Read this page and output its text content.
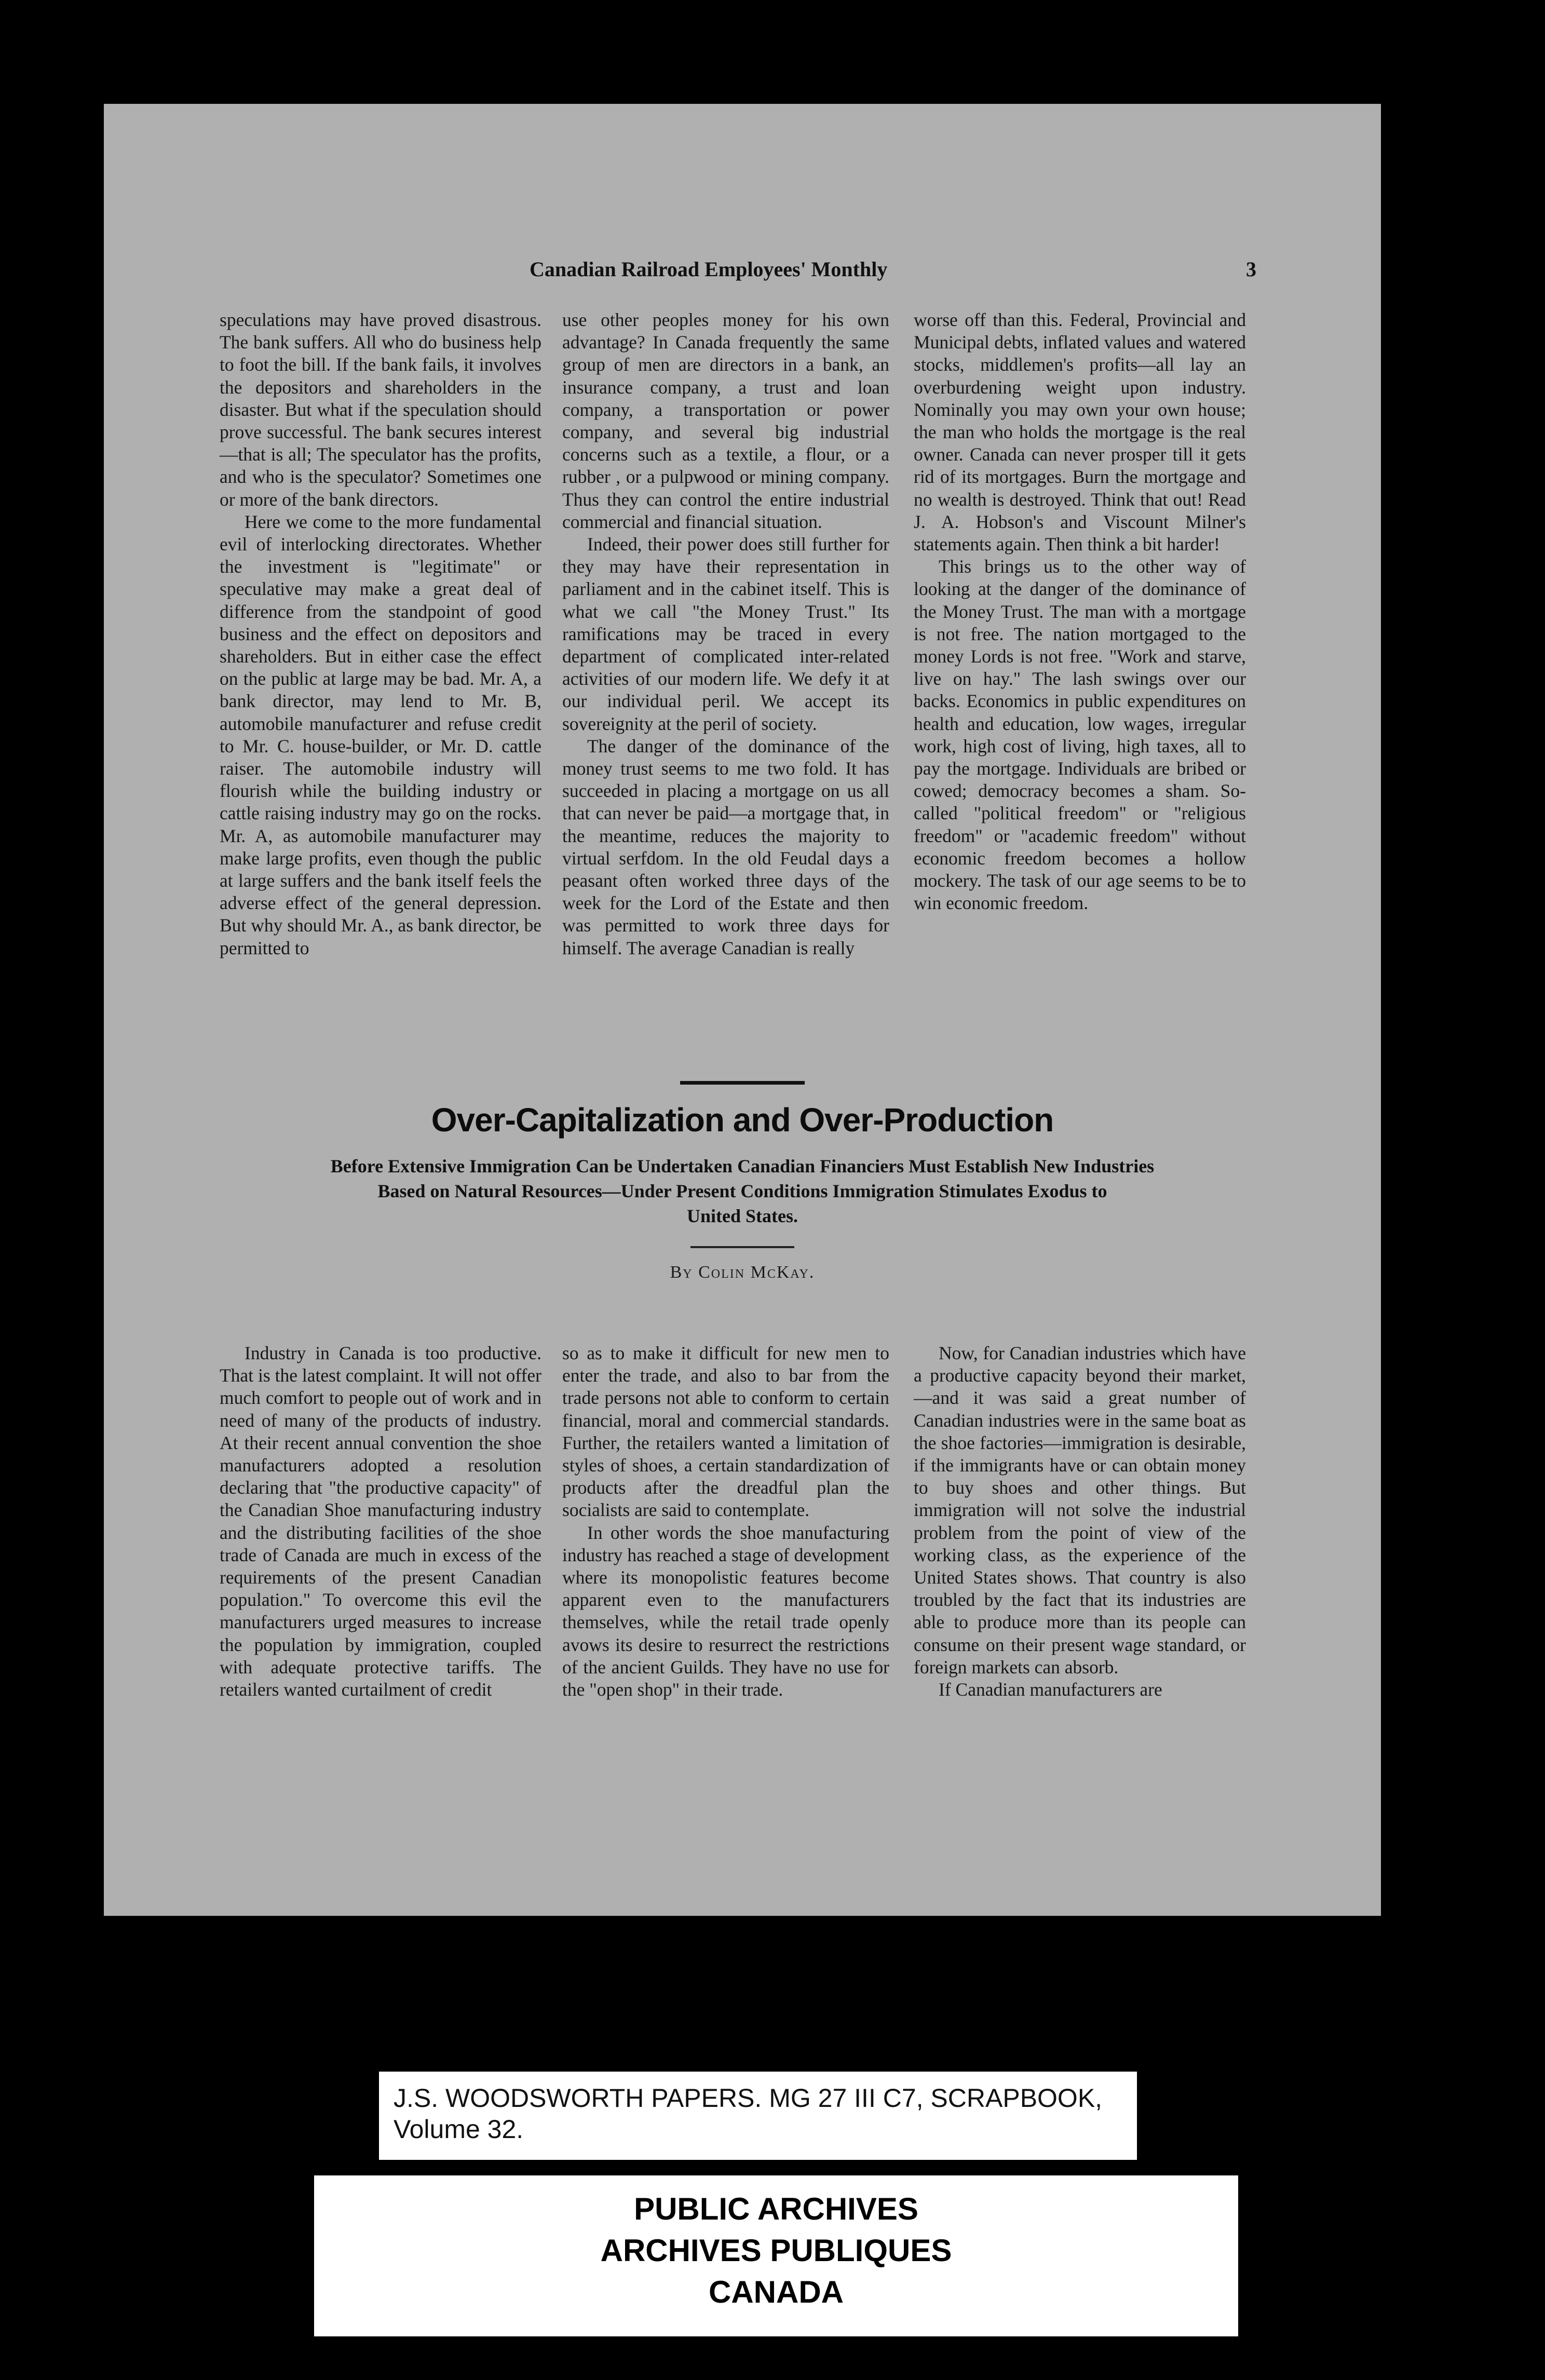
Canadian Railroad Employees' Monthly	3

speculations may have proved disastrous. The bank suffers. All who do business help to foot the bill. If the bank fails, it involves the depositors and shareholders in the disaster. But what if the speculation should prove successful. The bank secures interest—that is all; The speculator has the profits, and who is the speculator? Sometimes one or more of the bank directors.

Here we come to the more fundamental evil of interlocking directorates. Whether the investment is "legitimate" or speculative may make a great deal of difference from the standpoint of good business and the effect on depositors and shareholders. But in either case the effect on the public at large may be bad. Mr. A, a bank director, may lend to Mr. B, automobile manufacturer and refuse credit to Mr. C. house-builder, or Mr. D. cattle raiser. The automobile industry will flourish while the building industry or cattle raising industry may go on the rocks. Mr. A, as automobile manufacturer may make large profits, even though the public at large suffers and the bank itself feels the adverse effect of the general depression. But why should Mr. A., as bank director, be permitted to

use other peoples money for his own advantage? In Canada frequently the same group of men are directors in a bank, an insurance company, a trust and loan company, a transportation or power company, and several big industrial concerns such as a textile, a flour, or a rubber , or a pulpwood or mining company. Thus they can control the entire industrial commercial and financial situation.

Indeed, their power does still further for they may have their representation in parliament and in the cabinet itself. This is what we call "the Money Trust." Its ramifications may be traced in every department of complicated inter-related activities of our modern life. We defy it at our individual peril. We accept its sovereignity at the peril of society.

The danger of the dominance of the money trust seems to me two fold. It has succeeded in placing a mortgage on us all that can never be paid—a mortgage that, in the meantime, reduces the majority to virtual serfdom. In the old Feudal days a peasant often worked three days of the week for the Lord of the Estate and then was permitted to work three days for himself. The average Canadian is really

worse off than this. Federal, Provincial and Municipal debts, inflated values and watered stocks, middlemen's profits—all lay an overburdening weight upon industry. Nominally you may own your own house; the man who holds the mortgage is the real owner. Canada can never prosper till it gets rid of its mortgages. Burn the mortgage and no wealth is destroyed. Think that out! Read J. A. Hobson's and Viscount Milner's statements again. Then think a bit harder!

This brings us to the other way of looking at the danger of the dominance of the Money Trust. The man with a mortgage is not free. The nation mortgaged to the money Lords is not free. "Work and starve, live on hay." The lash swings over our backs. Economics in public expenditures on health and education, low wages, irregular work, high cost of living, high taxes, all to pay the mortgage. Individuals are bribed or cowed; democracy becomes a sham. So-called "political freedom" or "religious freedom" or "academic freedom" without economic freedom becomes a hollow mockery. The task of our age seems to be to win economic freedom.

Over-Capitalization and Over-Production
Before Extensive Immigration Can be Undertaken Canadian Financiers Must Establish New Industries
Based on Natural Resources—Under Present Conditions Immigration Stimulates Exodus to
United States.
By Colin McKay.

Industry in Canada is too productive. That is the latest complaint. It will not offer much comfort to people out of work and in need of many of the products of industry. At their recent annual convention the shoe manufacturers adopted a resolution declaring that "the productive capacity" of the Canadian Shoe manufacturing industry and the distributing facilities of the shoe trade of Canada are much in excess of the requirements of the present Canadian population." To overcome this evil the manufacturers urged measures to increase the population by immigration, coupled with adequate protective tariffs. The retailers wanted curtailment of credit

so as to make it difficult for new men to enter the trade, and also to bar from the trade persons not able to conform to certain financial, moral and commercial standards. Further, the retailers wanted a limitation of styles of shoes, a certain standardization of products after the dreadful plan the socialists are said to contemplate.

In other words the shoe manufacturing industry has reached a stage of development where its monopolistic features become apparent even to the manufacturers themselves, while the retail trade openly avows its desire to resurrect the restrictions of the ancient Guilds. They have no use for the "open shop" in their trade.

Now, for Canadian industries which have a productive capacity beyond their market,—and it was said a great number of Canadian industries were in the same boat as the shoe factories—immigration is desirable, if the immigrants have or can obtain money to buy shoes and other things. But immigration will not solve the industrial problem from the point of view of the working class, as the experience of the United States shows. That country is also troubled by the fact that its industries are able to produce more than its people can consume on their present wage standard, or foreign markets can absorb.

If Canadian manufacturers are

J.S. WOODSWORTH PAPERS. MG 27 III C7, SCRAPBOOK,
Volume 32.
PUBLIC ARCHIVES
ARCHIVES PUBLIQUES
CANADA
